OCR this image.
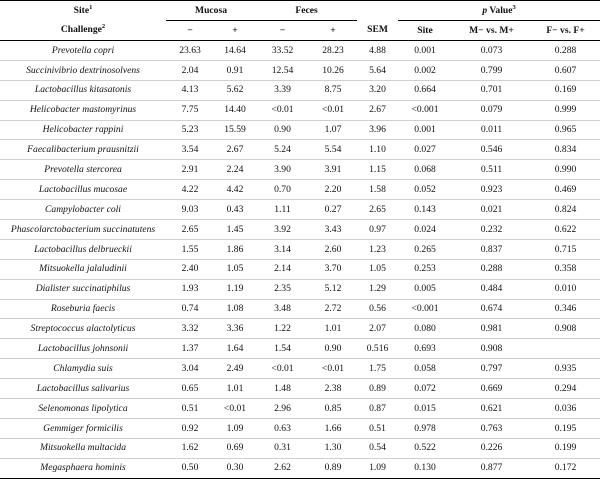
Site$^1$	Mucosa		Feces			p Value$^3$
Challenge$^2$	−	+	−	+	SEM	Site	M− vs. M+	F− vs. F+
Prevotella copri	23.63	14.64	33.52	28.23	4.88	0.001	0.073	0.288
Succinivibrio dextrinosolvens	2.04	0.91	12.54	10.26	5.64	0.002	0.799	0.607
Lactobacillus kitasatonis	4.13	5.62	3.39	8.75	3.20	0.664	0.701	0.169
Helicobacter mastomyrinus	7.75	14.40	<0.01	<0.01	2.67	<0.001	0.079	0.999
Helicobacter rappini	5.23	15.59	0.90	1.07	3.96	0.001	0.011	0.965
Faecalibacterium prausnitzii	3.54	2.67	5.24	5.54	1.10	0.027	0.546	0.834
Prevotella stercorea	2.91	2.24	3.90	3.91	1.15	0.068	0.511	0.990
Lactobacillus mucosae	4.22	4.42	0.70	2.20	1.58	0.052	0.923	0.469
Campylobacter coli	9.03	0.43	1.11	0.27	2.65	0.143	0.021	0.824
Phascolarctobacterium succinatutens	2.65	1.45	3.92	3.43	0.97	0.024	0.232	0.622
Lactobacillus delbrueckii	1.55	1.86	3.14	2.60	1.23	0.265	0.837	0.715
Mitsuokella jalaludinii	2.40	1.05	2.14	3.70	1.05	0.253	0.288	0.358
Dialister succinatiphilus	1.93	1.19	2.35	5.12	1.29	0.005	0.484	0.010
Roseburia faecis	0.74	1.08	3.48	2.72	0.56	<0.001	0.674	0.346
Streptococcus alactolyticus	3.32	3.36	1.22	1.01	2.07	0.080	0.981	0.908
Lactobacillus johnsonii	1.37	1.64	1.54	0.90	0.516	0.693	0.908	
Chlamydia suis	3.04	2.49	<0.01	<0.01	1.75	0.058	0.797	0.935
Lactobacillus salivarius	0.65	1.01	1.48	2.38	0.89	0.072	0.669	0.294
Selenomonas lipolytica	0.51	<0.01	2.96	0.85	0.87	0.015	0.621	0.036
Gemmiger formicilis	0.92	1.09	0.63	1.66	0.51	0.978	0.763	0.195
Mitsuokella multacida	1.62	0.69	0.31	1.30	0.54	0.522	0.226	0.199
Megasphaera hominis	0.50	0.30	2.62	0.89	1.09	0.130	0.877	0.172
